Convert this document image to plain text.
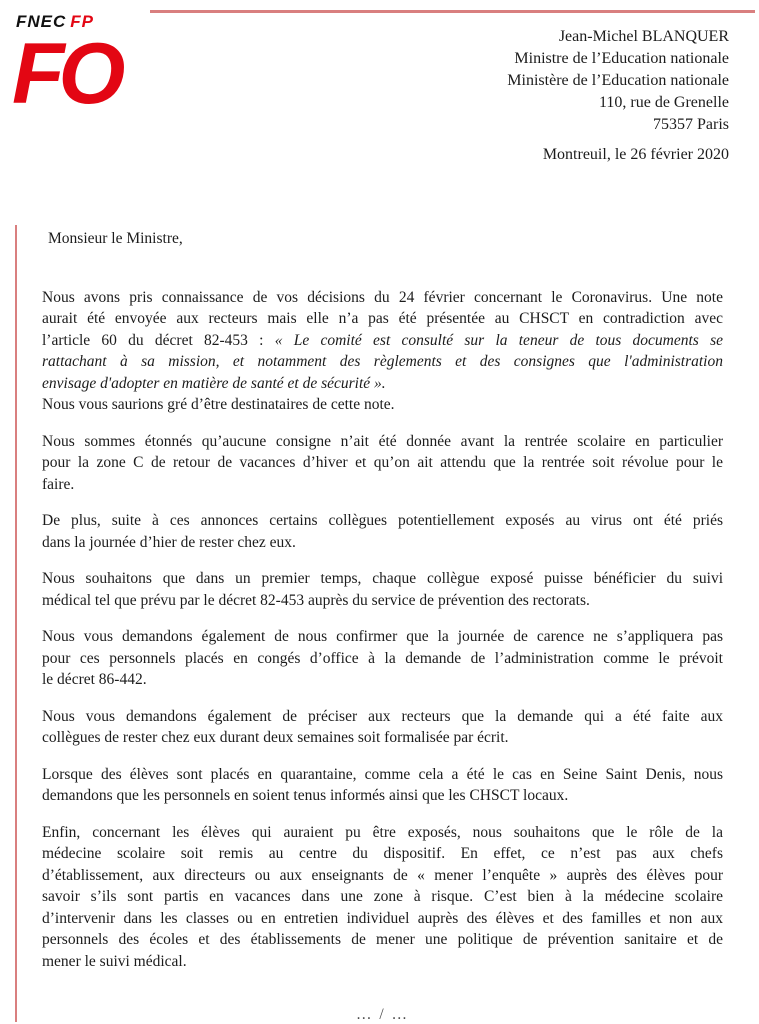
FNEC FP
FO	Jean-Michel BLANQUER
Ministre de l’Education nationale
Ministère de l’Education nationale
110, rue de Grenelle
75357 Paris
Montreuil, le 26 février 2020
Monsieur le Ministre,
Nous avons pris connaissance de vos décisions du 24 février concernant le Coronavirus. Une note
aurait été envoyée aux recteurs mais elle n’a pas été présentée au CHSCT en contradiction avec
l’article 60 du décret 82-453 : « Le comité est consulté sur la teneur de tous documents se
rattachant à sa mission, et notamment des règlements et des consignes que l'administration
envisage d'adopter en matière de santé et de sécurité ».
Nous vous saurions gré d’être destinataires de cette note.
Nous sommes étonnés qu’aucune consigne n’ait été donnée avant la rentrée scolaire en particulier
pour la zone C de retour de vacances d’hiver et qu’on ait attendu que la rentrée soit révolue pour le
faire.
De plus, suite à ces annonces certains collègues potentiellement exposés au virus ont été priés
dans la journée d’hier de rester chez eux.
Nous souhaitons que dans un premier temps, chaque collègue exposé puisse bénéficier du suivi
médical tel que prévu par le décret 82-453 auprès du service de prévention des rectorats.
Nous vous demandons également de nous confirmer que la journée de carence ne s’appliquera pas
pour ces personnels placés en congés d’office à la demande de l’administration comme le prévoit
le décret 86-442.
Nous vous demandons également de préciser aux recteurs que la demande qui a été faite aux
collègues de rester chez eux durant deux semaines soit formalisée par écrit.
Lorsque des élèves sont placés en quarantaine, comme cela a été le cas en Seine Saint Denis, nous
demandons que les personnels en soient tenus informés ainsi que les CHSCT locaux.
Enfin, concernant les élèves qui auraient pu être exposés, nous souhaitons que le rôle de la
médecine scolaire soit remis au centre du dispositif. En effet, ce n’est pas aux chefs
d’établissement, aux directeurs ou aux enseignants de « mener l’enquête » auprès des élèves pour
savoir s’ils sont partis en vacances dans une zone à risque. C’est bien à la médecine scolaire
d’intervenir dans les classes ou en entretien individuel auprès des élèves et des familles et non aux
personnels des écoles et des établissements de mener une politique de prévention sanitaire et de
mener le suivi médical.
… / …
